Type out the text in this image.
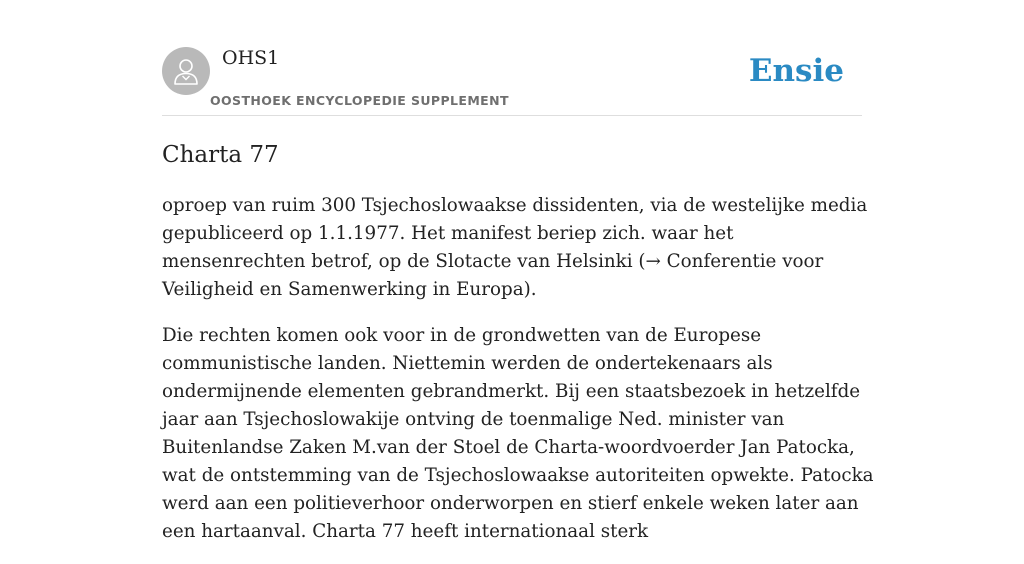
OHS1
OOSTHOEK ENCYCLOPEDIE SUPPLEMENT
Ensie
Charta 77

oproep van ruim 300 Tsjechoslowaakse dissidenten, via de westelijke media gepubliceerd op 1.1.1977. Het manifest beriep zich. waar het mensenrechten betrof, op de Slotacte van Helsinki (→ Conferentie voor Veiligheid en Samenwerking in Europa).

Die rechten komen ook voor in de grondwetten van de Europese communistische landen. Niettemin werden de ondertekenaars als ondermijnende elementen gebrandmerkt. Bij een staatsbezoek in hetzelfde jaar aan Tsjechoslowakije ontving de toenmalige Ned. minister van Buitenlandse Zaken M.van der Stoel de Charta-woordvoerder Jan Patocka, wat de ontstemming van de Tsjechoslowaakse autoriteiten opwekte. Patocka werd aan een politieverhoor onderworpen en stierf enkele weken later aan een hartaanval. Charta 77 heeft internationaal sterk
